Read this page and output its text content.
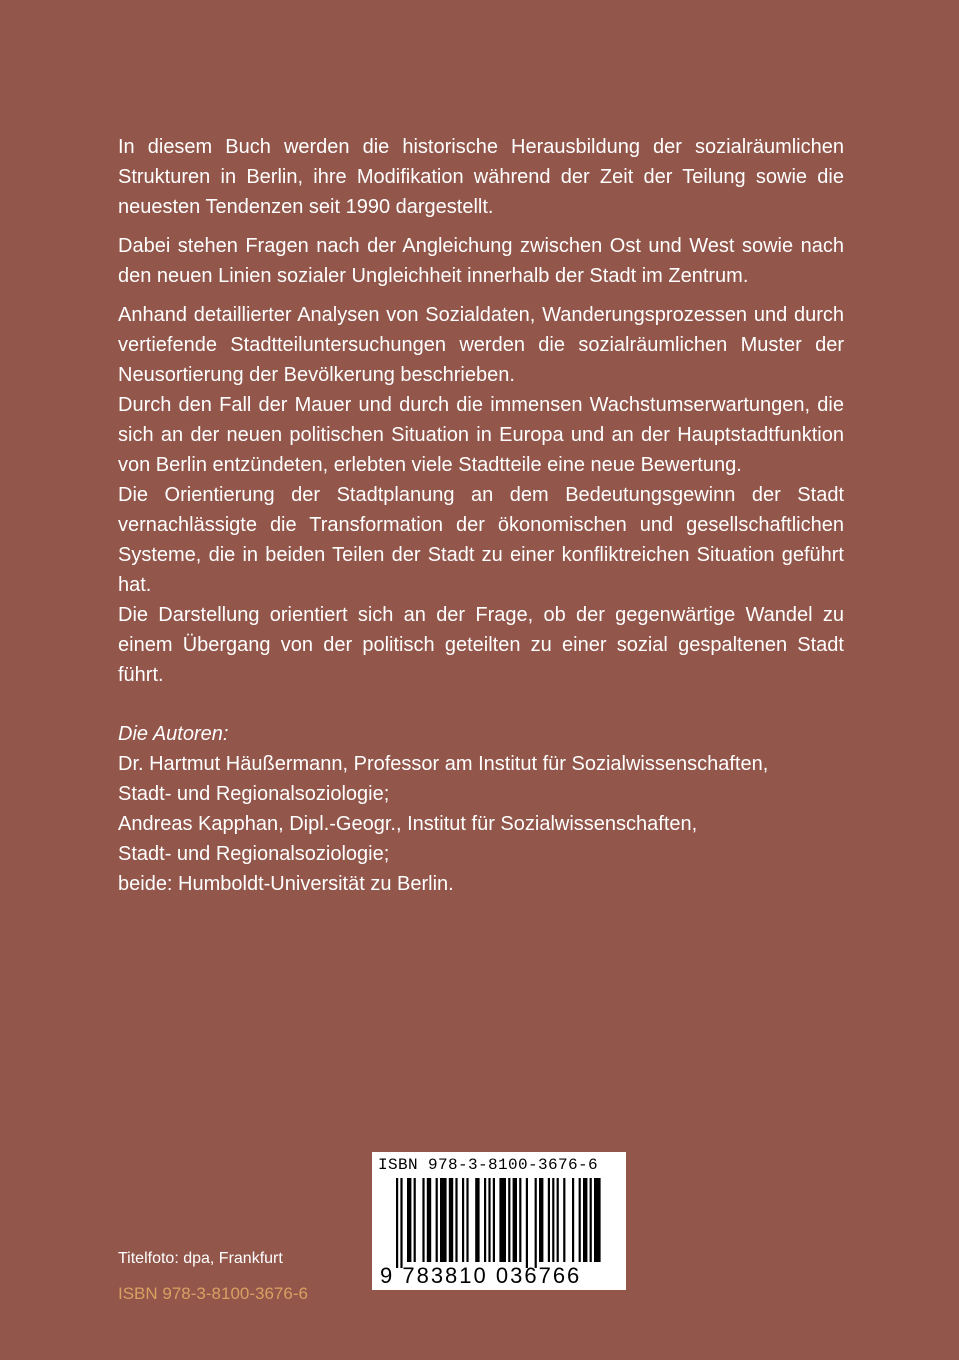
In diesem Buch werden die historische Herausbildung der sozialräumlichen Strukturen in Berlin, ihre Modifikation während der Zeit der Teilung sowie die neuesten Tendenzen seit 1990 dargestellt.

Dabei stehen Fragen nach der Angleichung zwischen Ost und West sowie nach den neuen Linien sozialer Ungleichheit innerhalb der Stadt im Zentrum.

Anhand detaillierter Analysen von Sozialdaten, Wanderungsprozessen und durch vertiefende Stadtteiluntersuchungen werden die sozialräumlichen Muster der Neusortierung der Bevölkerung beschrieben.

Durch den Fall der Mauer und durch die immensen Wachstumserwartungen, die sich an der neuen politischen Situation in Europa und an der Hauptstadtfunktion von Berlin entzündeten, erlebten viele Stadtteile eine neue Bewertung.

Die Orientierung der Stadtplanung an dem Bedeutungsgewinn der Stadt vernachlässigte die Transformation der ökonomischen und gesellschaftlichen Systeme, die in beiden Teilen der Stadt zu einer konfliktreichen Situation geführt hat.

Die Darstellung orientiert sich an der Frage, ob der gegenwärtige Wandel zu einem Übergang von der politisch geteilten zu einer sozial gespaltenen Stadt führt.

Die Autoren:

Dr. Hartmut Häußermann, Professor am Institut für Sozialwissenschaften,
Stadt- und Regionalsoziologie;
Andreas Kapphan, Dipl.-Geogr., Institut für Sozialwissenschaften,
Stadt- und Regionalsoziologie;
beide: Humboldt-Universität zu Berlin.
Titelfoto: dpa, Frankfurt
ISBN 978-3-8100-3676-6
ISBN 978-3-8100-3676-6
9 783810 036766
